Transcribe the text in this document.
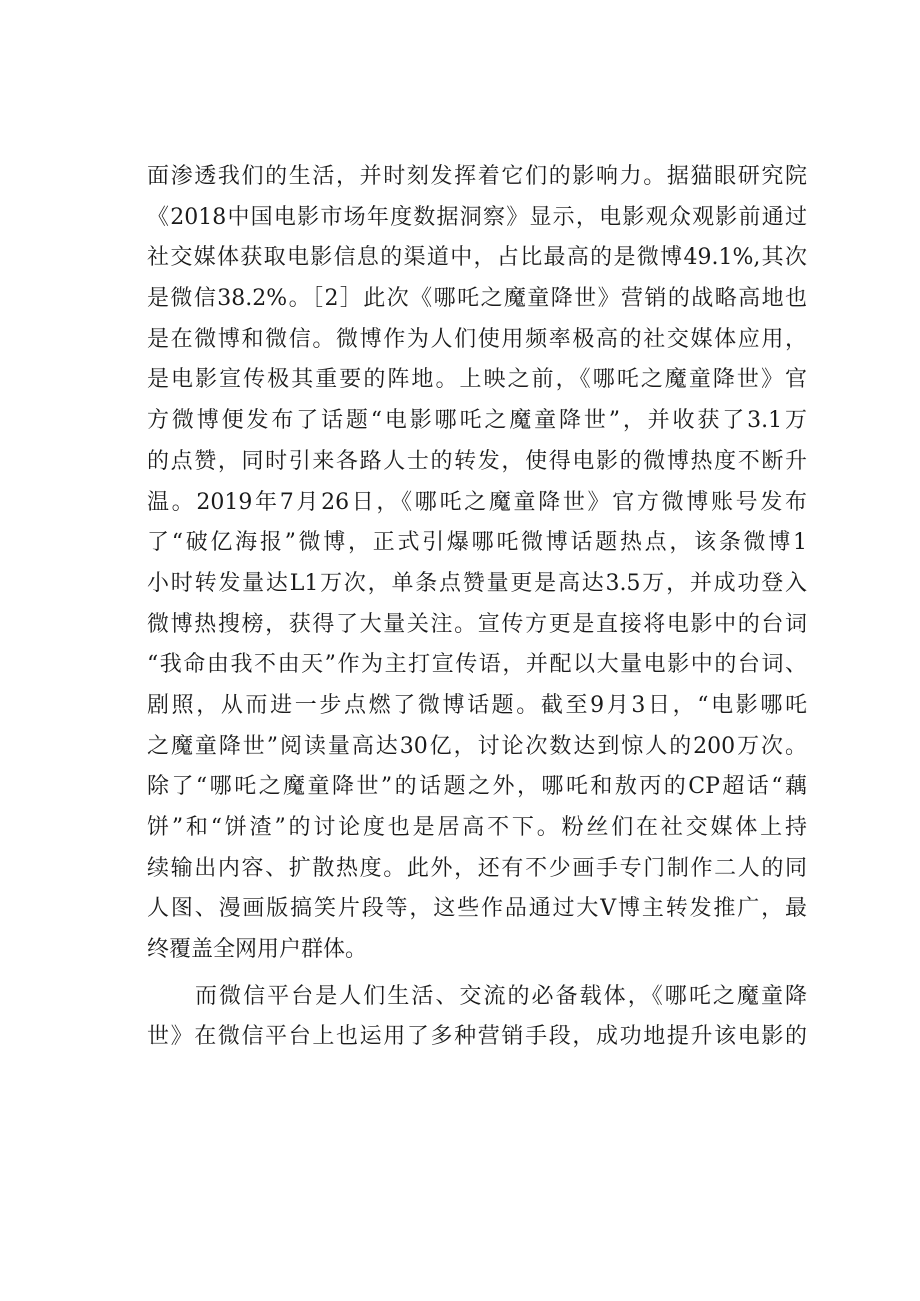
面渗透我们的生活，并时刻发挥着它们的影响力。据猫眼研究院
《2018中国电影市场年度数据洞察》显示，电影观众观影前通过
社交媒体获取电影信息的渠道中，占比最高的是微博49.1%,其次
是微信38.2%。［2］此次《哪吒之魔童降世》营销的战略高地也
是在微博和微信。微博作为人们使用频率极高的社交媒体应用，
是电影宣传极其重要的阵地。上映之前，《哪吒之魔童降世》官
方微博便发布了话题“电影哪吒之魔童降世”，并收获了3.1万
的点赞，同时引来各路人士的转发，使得电影的微博热度不断升
温。2019年7月26日，《哪吒之魔童降世》官方微博账号发布
了“破亿海报”微博，正式引爆哪吒微博话题热点，该条微博1
小时转发量达L1万次，单条点赞量更是高达3.5万，并成功登入
微博热搜榜，获得了大量关注。宣传方更是直接将电影中的台词
“我命由我不由天”作为主打宣传语，并配以大量电影中的台词、
剧照，从而进一步点燃了微博话题。截至9月3日，“电影哪吒
之魔童降世”阅读量高达30亿，讨论次数达到惊人的200万次。
除了“哪吒之魔童降世”的话题之外，哪吒和敖丙的CP超话“藕
饼”和“饼渣”的讨论度也是居高不下。粉丝们在社交媒体上持
续输出内容、扩散热度。此外，还有不少画手专门制作二人的同
人图、漫画版搞笑片段等，这些作品通过大V博主转发推广，最
终覆盖全网用户群体。
而微信平台是人们生活、交流的必备载体，《哪吒之魔童降
世》在微信平台上也运用了多种营销手段，成功地提升该电影的
